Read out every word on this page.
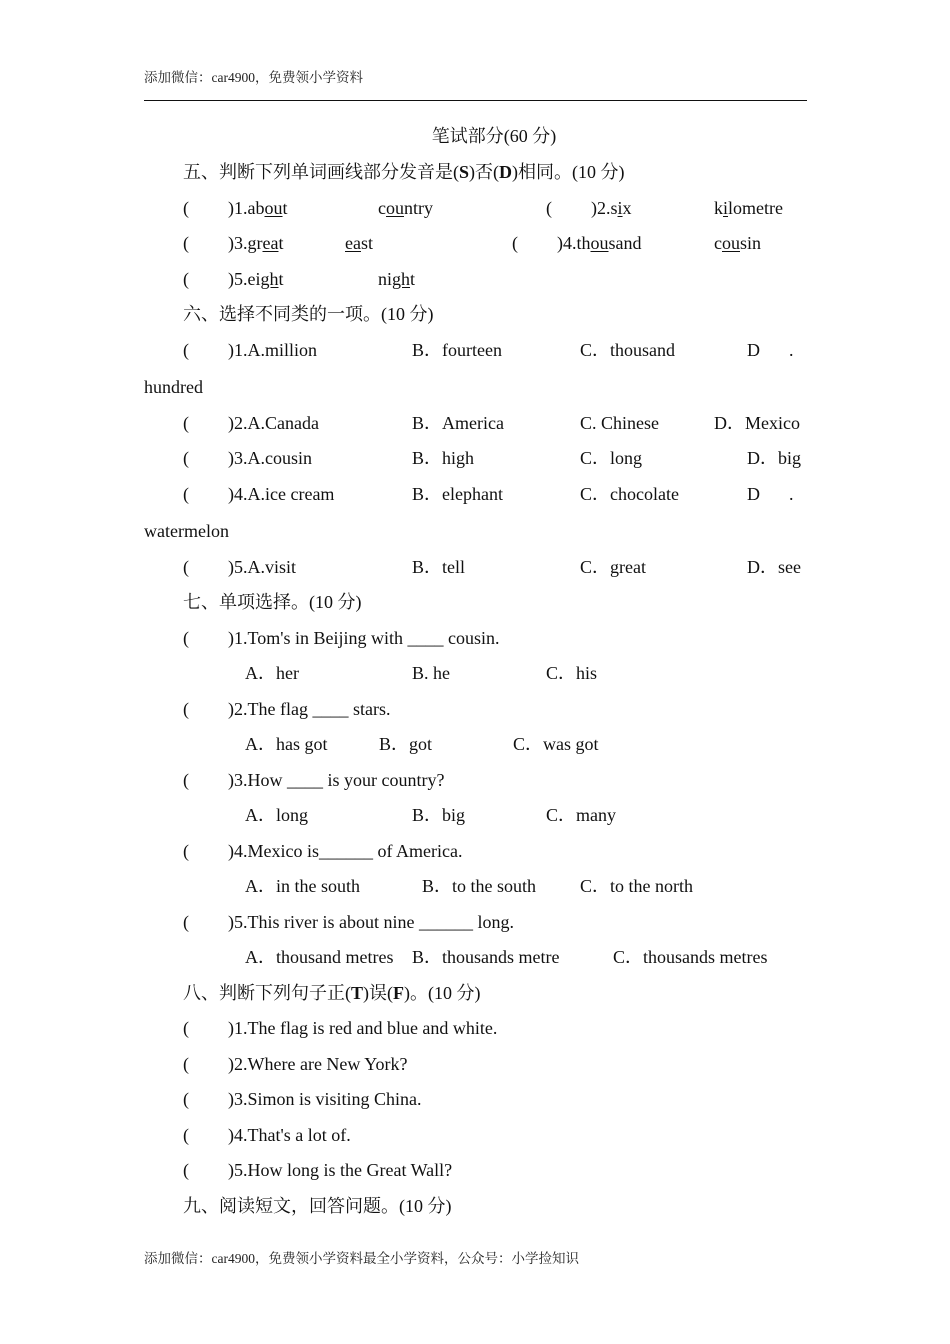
添加微信：car4900，免费领小学资料
笔试部分(60 分)
五、判断下列单词画线部分发音是(S)否(D)相同。(10 分)
( )1.about	country	( )2.six	kilometre
( )3.great	east	( )4.thousand	cousin
( )5.eight	night
六、选择不同类的一项。(10 分)
( )1.A.million	B．fourteen	C．thousand	D .
hundred
( )2.A.Canada	B．America	C. Chinese	D．Mexico
( )3.A.cousin	B．high	C．long	D．big
( )4.A.ice cream	B．elephant	C．chocolate	D .
watermelon
( )5.A.visit	B．tell	C．great	D．see
七、单项选择。(10 分)
( )1.Tom's in Beijing with ____ cousin.
A．her	B. he	C．his
( )2.The flag ____ stars.
A．has got	B．got	C．was got
( )3.How ____ is your country?
A．long	B．big	C．many
( )4.Mexico is______ of America.
A．in the south	B．to the south C．to the north
( )5.This river is about nine ______ long.
A．thousand metres B．thousands metre	C．thousands metres
八、判断下列句子正(T)误(F)。(10 分)
( )1.The flag is red and blue and white.
( )2.Where are New York?
( )3.Simon is visiting China.
( )4.That's a lot of.
( )5.How long is the Great Wall?
九、阅读短文，回答问题。(10 分)
添加微信：car4900，免费领小学资料最全小学资料，公众号：小学捡知识
